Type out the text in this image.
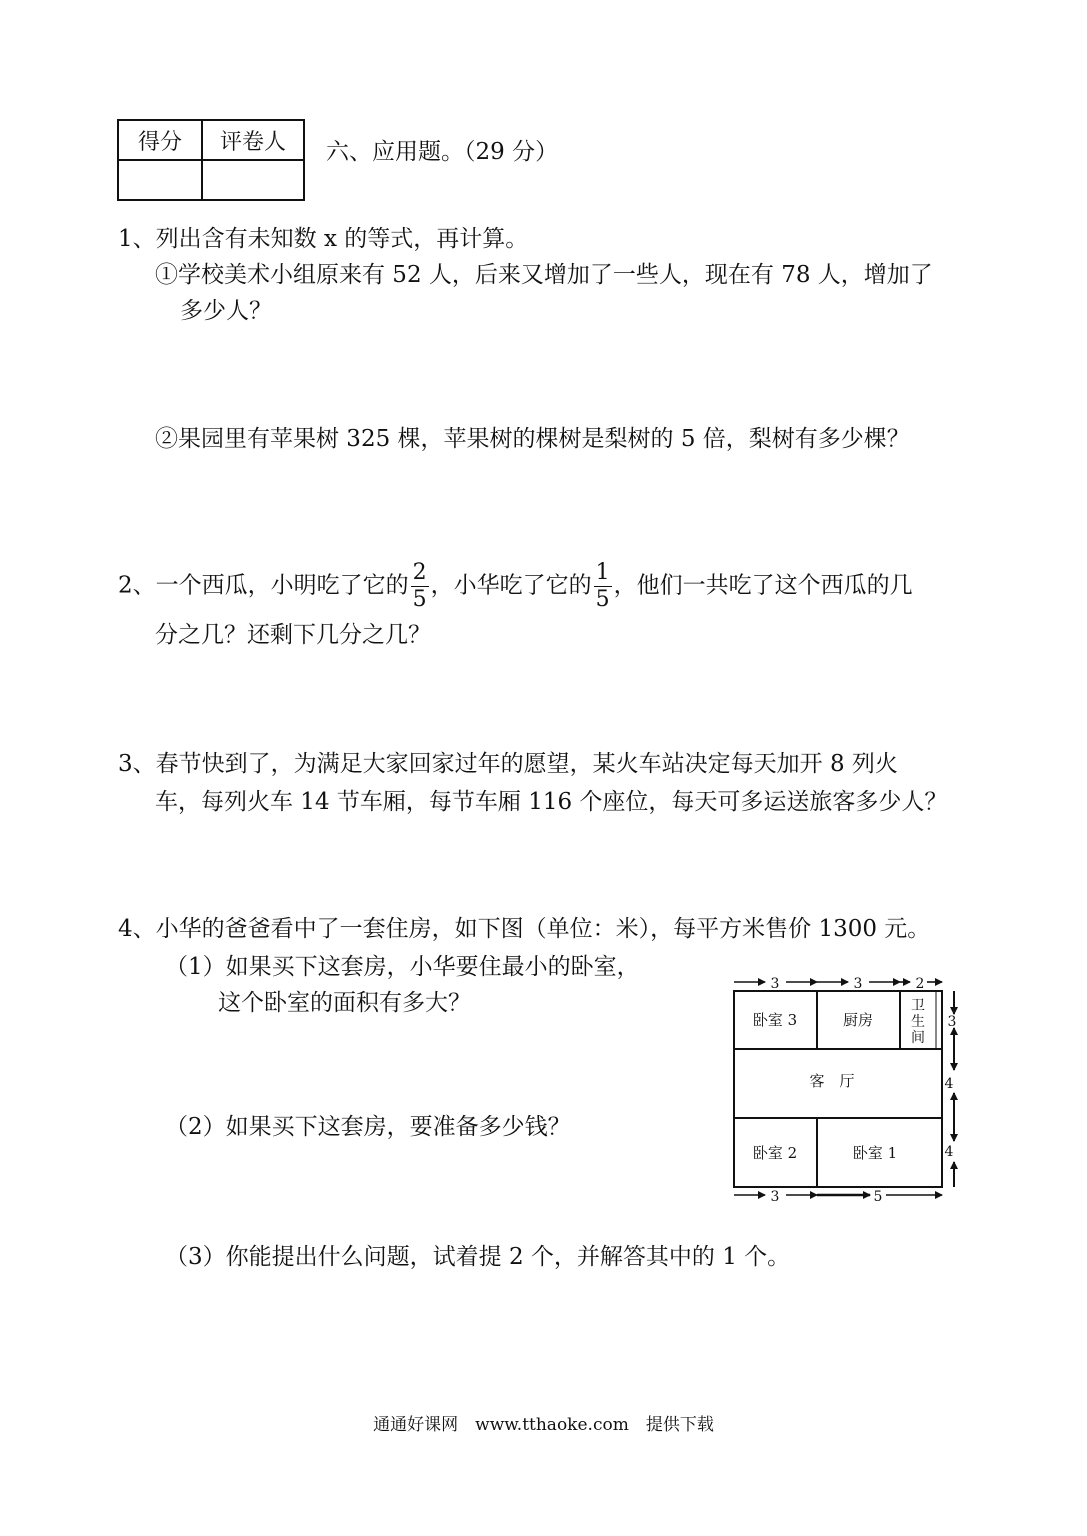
得分	评卷人
	六、应用题。（29 分）
1、列出含有未知数 x 的等式，再计算。
①学校美术小组原来有 52 人，后来又增加了一些人，现在有 78 人，增加了
多少人？
②果园里有苹果树 325 棵，苹果树的棵树是梨树的 5 倍，梨树有多少棵？
2、一个西瓜，小明吃了它的 $\frac{2}{5}$ ，小华吃了它的 $\frac{1}{5}$ ，他们一共吃了这个西瓜的几
分之几？还剩下几分之几？
3、春节快到了，为满足大家回家过年的愿望，某火车站决定每天加开 8 列火
车，每列火车 14 节车厢，每节车厢 116 个座位，每天可多运送旅客多少人？
4、小华的爸爸看中了一套住房，如下图（单位：米），每平方米售价 1300 元。
（1）如果买下这套房，小华要住最小的卧室，
这个卧室的面积有多大？
（2）如果买下这套房，要准备多少钱？
（3）你能提出什么问题，试着提 2 个，并解答其中的 1 个。
卧室 3	厨房
卫
生
间
客　厅
卧室 2	卧室 1
3	3	2
3
4
4
3	5
通通好课网　www.tthaoke.com　提供下载
